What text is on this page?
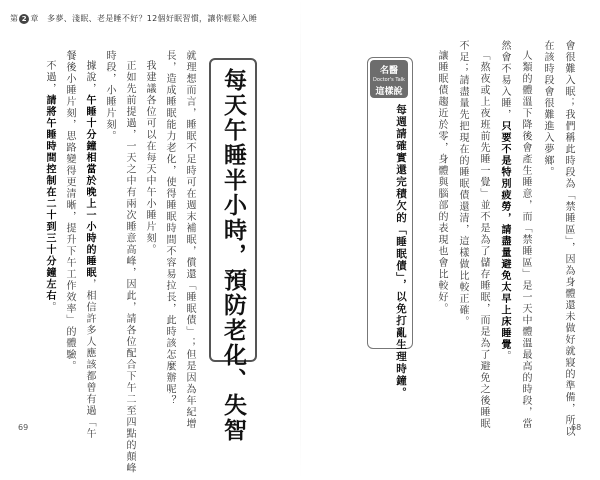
第 2 章 多夢、淺眠、老是睡不好？12個好眠習慣，讓你輕鬆入睡
會很難入眠；我們稱此時段為「禁睡區」，因為身體還未做好就寢的準備，所以
在該時段會很難進入夢鄉。
人類的體溫下降後會產生睡意，而「禁睡區」是一天中體溫最高的時段，當
然會不易入睡，只要不是特別疲勞，請盡量避免太早上床睡覺。
「熬夜或上夜班前先睡一覺」並不是為了儲存睡眠，而是為了避免之後睡眠
不足；請盡量先把現在的睡眠債還清，這樣做比較正確。
讓睡眠債趨近於零，身體與腦部的表現也會比較好。
名醫
Doctor's Talk
這樣說
每週請確實還完積欠的「睡眠債」，以免打亂生理時鐘。
每天午睡半小時，預防老化、失智
就理想而言，睡眠不足時可在週末補眠，償還「睡眠債」；但是因為年紀增
長，造成睡眠能力老化，使得睡眠時間不容易拉長，此時該怎麼辦呢？
我建議各位可以在每天中午小睡片刻。
正如先前提過，一天之中有兩次睡意高峰，因此，請各位配合下午二至四點的顛峰
時段，小睡片刻。
據說，午睡十分鐘相當於晚上一小時的睡眠，相信許多人應該都曾有過「午
餐後小睡片刻，思路變得更清晰，提升下午工作效率」的體驗。
不過，請將午睡時間控制在二十到三十分鐘左右。
69	68
